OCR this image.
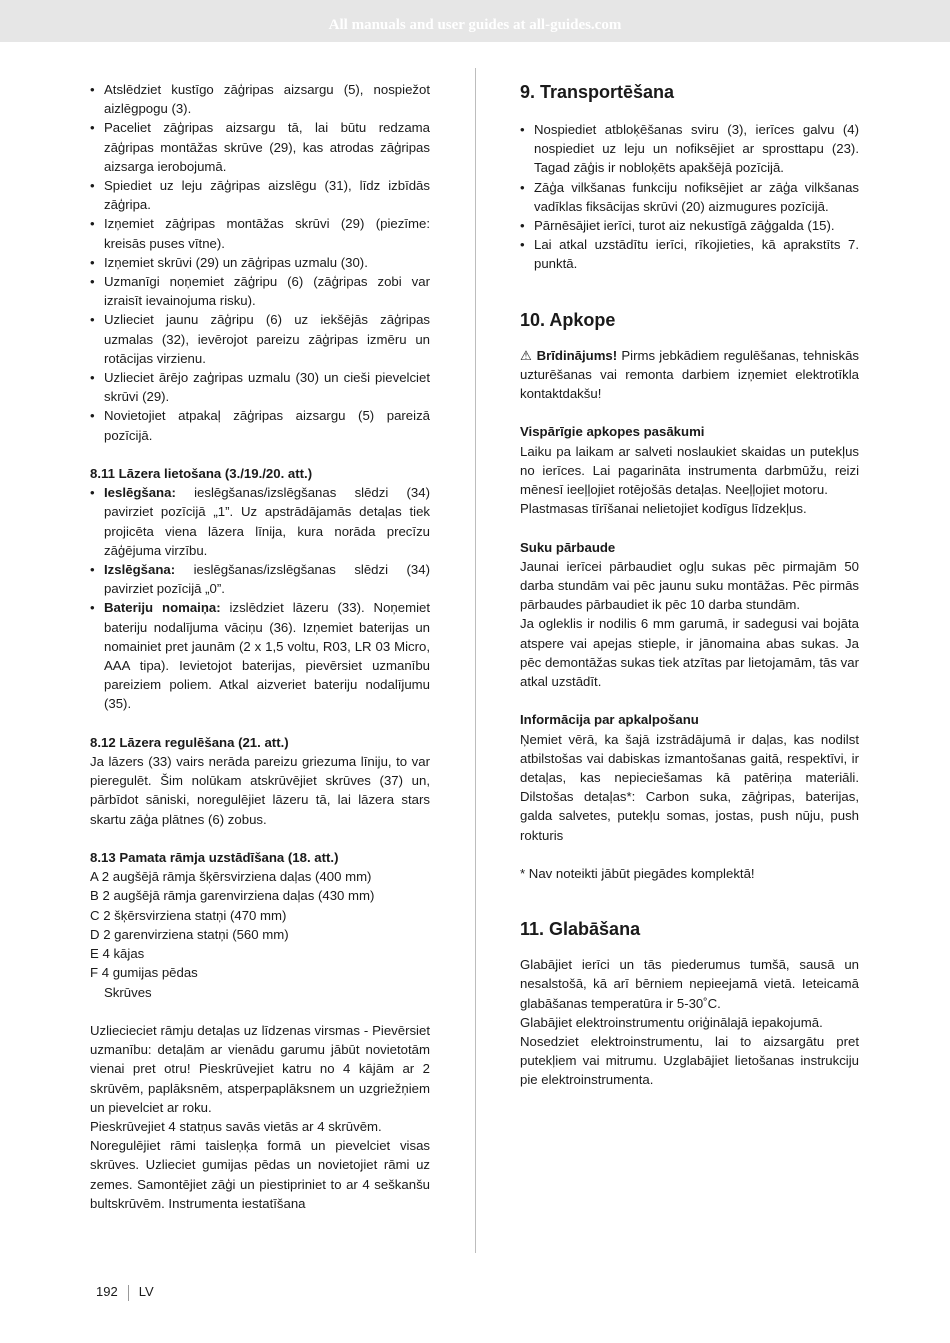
All manuals and user guides at all-guides.com
• Atslēdziet kustīgo zāģripas aizsargu (5), nospiežot aizlēgpogu (3).
• Paceliet zāģripas aizsargu tā, lai būtu redzama zāģripas montāžas skrūve (29), kas atrodas zāģripas aizsarga ierobojumā.
• Spiediet uz leju zāģripas aizslēgu (31), līdz izbīdās zāģripa.
• Izņemiet zāģripas montāžas skrūvi (29) (piezīme: kreisās puses vītne).
• Izņemiet skrūvi (29) un zāģripas uzmalu (30).
• Uzmanīgi noņemiet zāģripu (6) (zāģripas zobi var izraisīt ievainojuma risku).
• Uzlieciet jaunu zāģripu (6) uz iekšējās zāģripas uzmalas (32), ievērojot pareizu zāģripas izmēru un rotācijas virzienu.
• Uzlieciet ārējo zaģripas uzmalu (30) un cieši pievelciet skrūvi (29).
• Novietojiet atpakaļ zāģripas aizsargu (5) pareizā pozīcijā.

8.11 Lāzera lietošana (3./19./20. att.)

• Ieslēgšana: ieslēgšanas/izslēgšanas slēdzi (34) pavirziet pozīcijā „1”. Uz apstrādājamās detaļas tiek projicēta viena lāzera līnija, kura norāda precīzu zāģējuma virzību.
• Izslēgšana: ieslēgšanas/izslēgšanas slēdzi (34) pavirziet pozīcijā „0”.
• Bateriju nomaiņa: izslēdziet lāzeru (33). Noņemiet bateriju nodalījuma vāciņu (36). Izņemiet baterijas un nomainiet pret jaunām (2 x 1,5 voltu, R03, LR 03 Micro, AAA tipa). Ievietojot baterijas, pievērsiet uzmanību pareiziem poliem. Atkal aizveriet bateriju nodalījumu (35).

8.12 Lāzera regulēšana (21. att.)

Ja lāzers (33) vairs nerāda pareizu griezuma līniju, to var pieregulēt. Šim nolūkam atskrūvējiet skrūves (37) un, pārbīdot sāniski, noregulējiet lāzeru tā, lai lāzera stars skartu zāģa plātnes (6) zobus.

8.13 Pamata rāmja uzstādīšana (18. att.)

A 2 augšējā rāmja šķērsvirziena daļas (400 mm)

B 2 augšējā rāmja garenvirziena daļas (430 mm)

C 2 šķērsvirziena statņi (470 mm)

D 2 garenvirziena statņi (560 mm)

E 4 kājas

F 4 gumijas pēdas

Skrūves

Uzliecieciet rāmju detaļas uz līdzenas virsmas - Pievērsiet uzmanību: detaļām ar vienādu garumu jābūt novietotām vienai pret otru! Pieskrūvejiet katru no 4 kājām ar 2 skrūvēm, paplāksnēm, atsperpaplāksnem un uzgriežņiem un pievelciet ar roku.

Pieskrūvejiet 4 statņus savās vietās ar 4 skrūvēm.

Noregulējiet rāmi taisleņķa formā un pievelciet visas skrūves. Uzlieciet gumijas pēdas un novietojiet rāmi uz zemes. Samontējiet zāģi un piestipriniet to ar 4 seškanšu bultskrūvēm. Instrumenta iestatīšana

9. Transportēšana
• Nospiediet atbloķēšanas sviru (3), ierīces galvu (4) nospiediet uz leju un nofiksējiet ar sprosttapu (23). Tagad zāģis ir nobloķēts apakšējā pozīcijā.
• Zāģa vilkšanas funkciju nofiksējiet ar zāģa vilkšanas vadīklas fiksācijas skrūvi (20) aizmugures pozīcijā.
• Pārnēsājiet ierīci, turot aiz nekustīgā zāģgalda (15).
• Lai atkal uzstādītu ierīci, rīkojieties, kā aprakstīts 7. punktā.
10. Apkope

⚠ Brīdinājums! Pirms jebkādiem regulēšanas, tehniskās uzturēšanas vai remonta darbiem izņemiet elektrotīkla kontaktdakšu!

Vispārīgie apkopes pasākumi

Laiku pa laikam ar salveti noslaukiet skaidas un putekļus no ierīces. Lai pagarināta instrumenta darbmūžu, reizi mēnesī ieeļļojiet rotējošās detaļas. Neeļļojiet motoru.

Plastmasas tīrīšanai nelietojiet kodīgus līdzekļus.

Suku pārbaude

Jaunai ierīcei pārbaudiet ogļu sukas pēc pirmajām 50 darba stundām vai pēc jaunu suku montāžas. Pēc pirmās pārbaudes pārbaudiet ik pēc 10 darba stundām.

Ja ogleklis ir nodilis 6 mm garumā, ir sadegusi vai bojāta atspere vai apejas stieple, ir jānomaina abas sukas. Ja pēc demontāžas sukas tiek atzītas par lietojamām, tās var atkal uzstādīt.

Informācija par apkalpošanu

Ņemiet vērā, ka šajā izstrādājumā ir daļas, kas nodilst atbilstošas vai dabiskas izmantošanas gaitā, respektīvi, ir detaļas, kas nepieciešamas kā patēriņa materiāli. Dilstošas detaļas*: Carbon suka, zāģripas, baterijas, galda salvetes, putekļu somas, jostas, push nūju, push rokturis

* Nav noteikti jābūt piegādes komplektā!

11. Glabāšana

Glabājiet ierīci un tās piederumus tumšā, sausā un nesalstošā, kā arī bērniem nepieejamā vietā. Ieteicamā glabāšanas temperatūra ir 5-30˚C.

Glabājiet elektroinstrumentu oriģinālajā iepakojumā.

Nosedziet elektroinstrumentu, lai to aizsargātu pret putekļiem vai mitrumu. Uzglabājiet lietošanas instrukciju pie elektroinstrumenta.

192 LV
